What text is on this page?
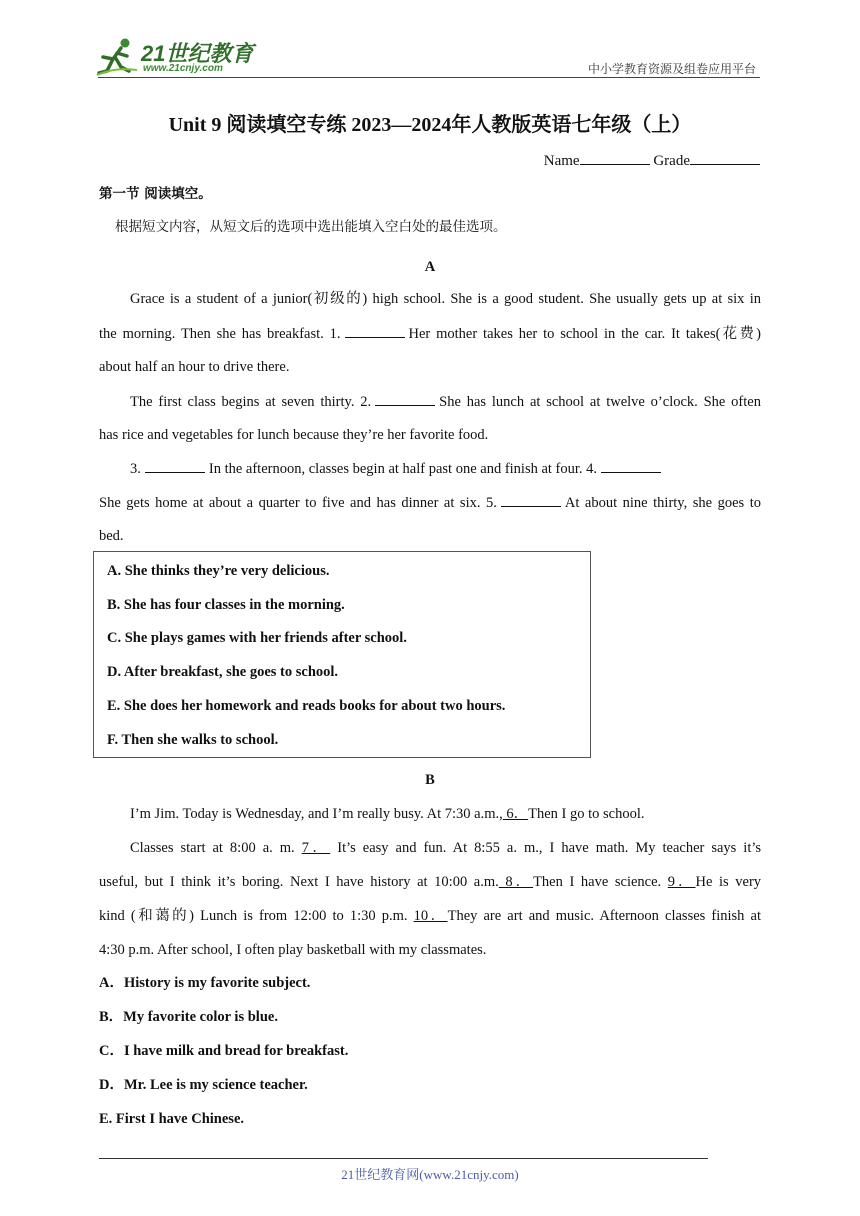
21世纪教育
www.21cnjy.com	中小学教育资源及组卷应用平台
Unit 9 阅读填空专练 2023—2024年人教版英语七年级（上）
Name	Grade
第一节 阅读填空。
根据短文内容，从短文后的选项中选出能填入空白处的最佳选项。
A
Grace is a student of a junior(初级的) high school. She is a good student. She usually gets up at six in
the morning. Then she has breakfast. 1.	Her mother takes her to school in the car. It takes(花费)
about half an hour to drive there.
The first class begins at seven thirty. 2.	She has lunch at school at twelve o’clock. She often
has rice and vegetables for lunch because they’re her favorite food.
3.	In the afternoon, classes begin at half past one and finish at four. 4.
She gets home at about a quarter to five and has dinner at six. 5.	At about nine thirty, she goes to
bed.
A. She thinks they’re very delicious.
B. She has four classes in the morning.
C. She plays games with her friends after school.
D. After breakfast, she goes to school.
E. She does her homework and reads books for about two hours.
F. Then she walks to school.
B
I’m Jim. Today is Wednesday, and I’m really busy. At 7:30 a.m., 6．Then I go to school.
Classes start at 8:00 a. m. 7． It’s easy and fun. At 8:55 a. m., I have math. My teacher says it’s
useful, but I think it’s boring. Next I have history at 10:00 a.m. 8．Then I have science. 9．He is very
kind (和蔼的) Lunch is from 12:00 to 1:30 p.m. 10．They are art and music. Afternoon classes finish at
4:30 p.m. After school, I often play basketball with my classmates.
A．History is my favorite subject.
B．My favorite color is blue.
C．I have milk and bread for breakfast.
D．Mr. Lee is my science teacher.
E. First I have Chinese.
21世纪教育网(www.21cnjy.com)
